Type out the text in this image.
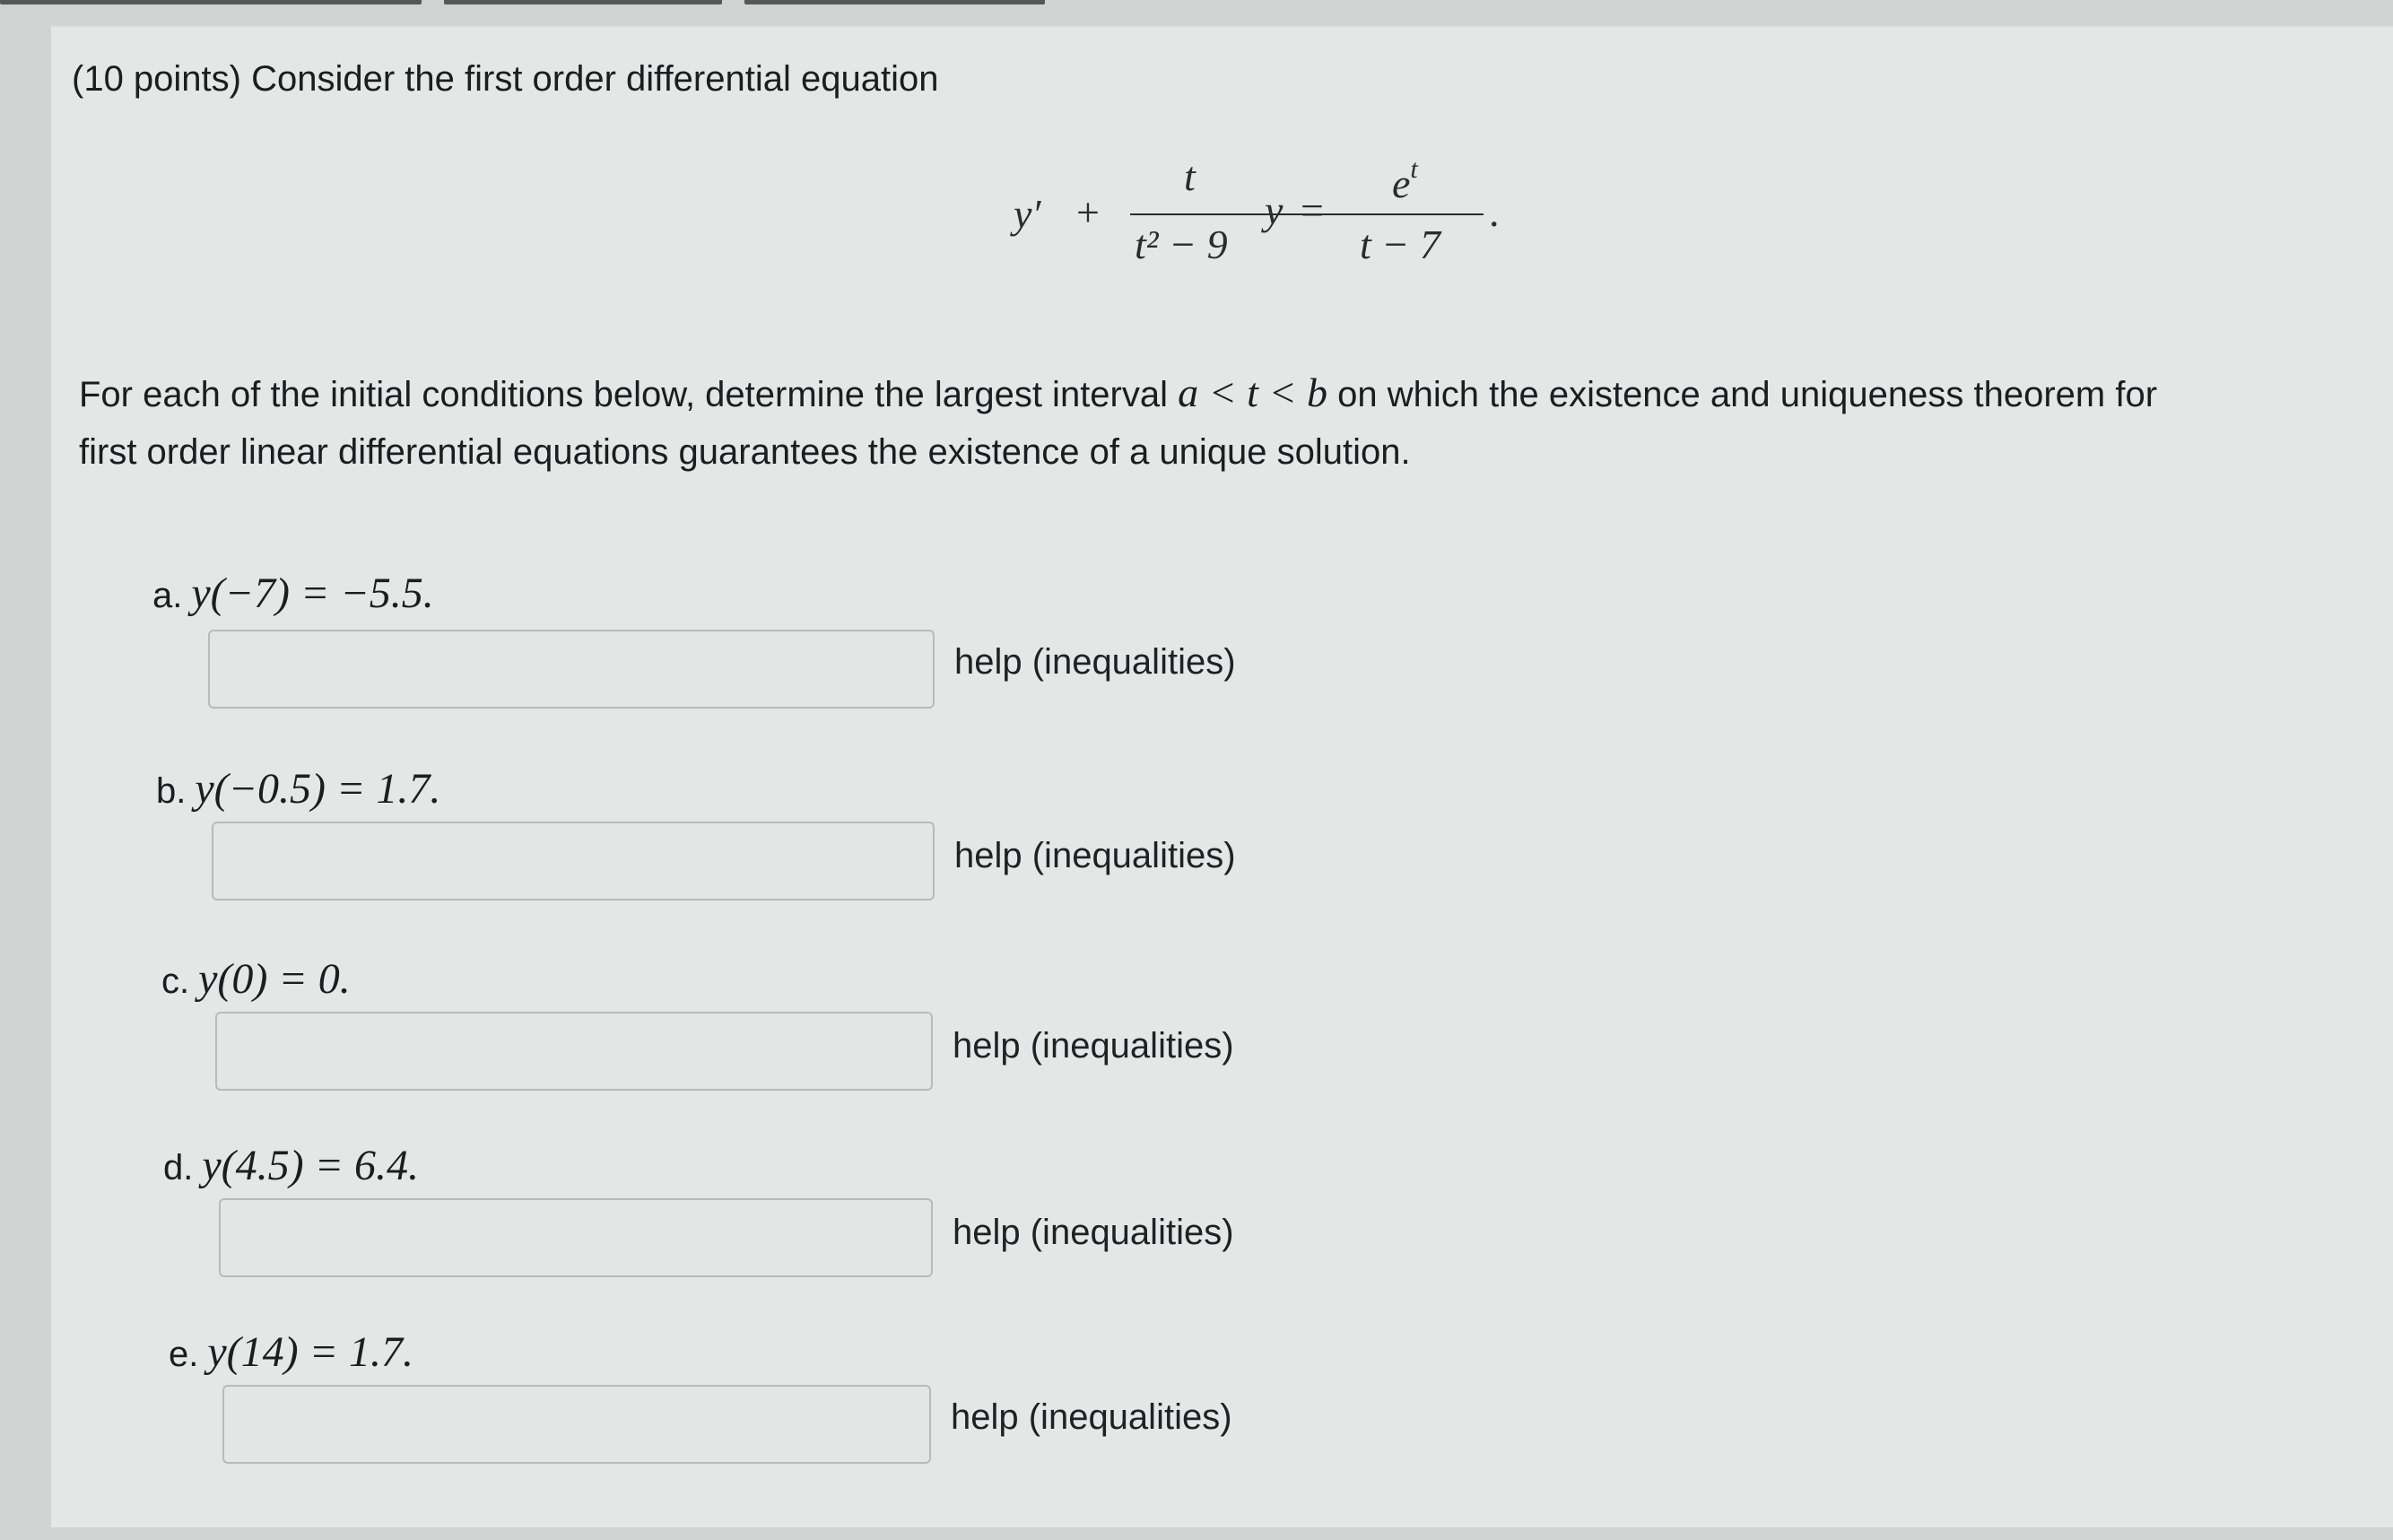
(10 points) Consider the first order differential equation
y′ +
t
t² − 9
y =
$e^t$
t − 7
.
For each of the initial conditions below, determine the largest interval a < t < b on which the existence and uniqueness theorem for
first order linear differential equations guarantees the existence of a unique solution.
a. y(−7) = −5.5.
help (inequalities)
b. y(−0.5) = 1.7.
help (inequalities)
c. y(0) = 0.
help (inequalities)
d. y(4.5) = 6.4.
help (inequalities)
e. y(14) = 1.7.
help (inequalities)
